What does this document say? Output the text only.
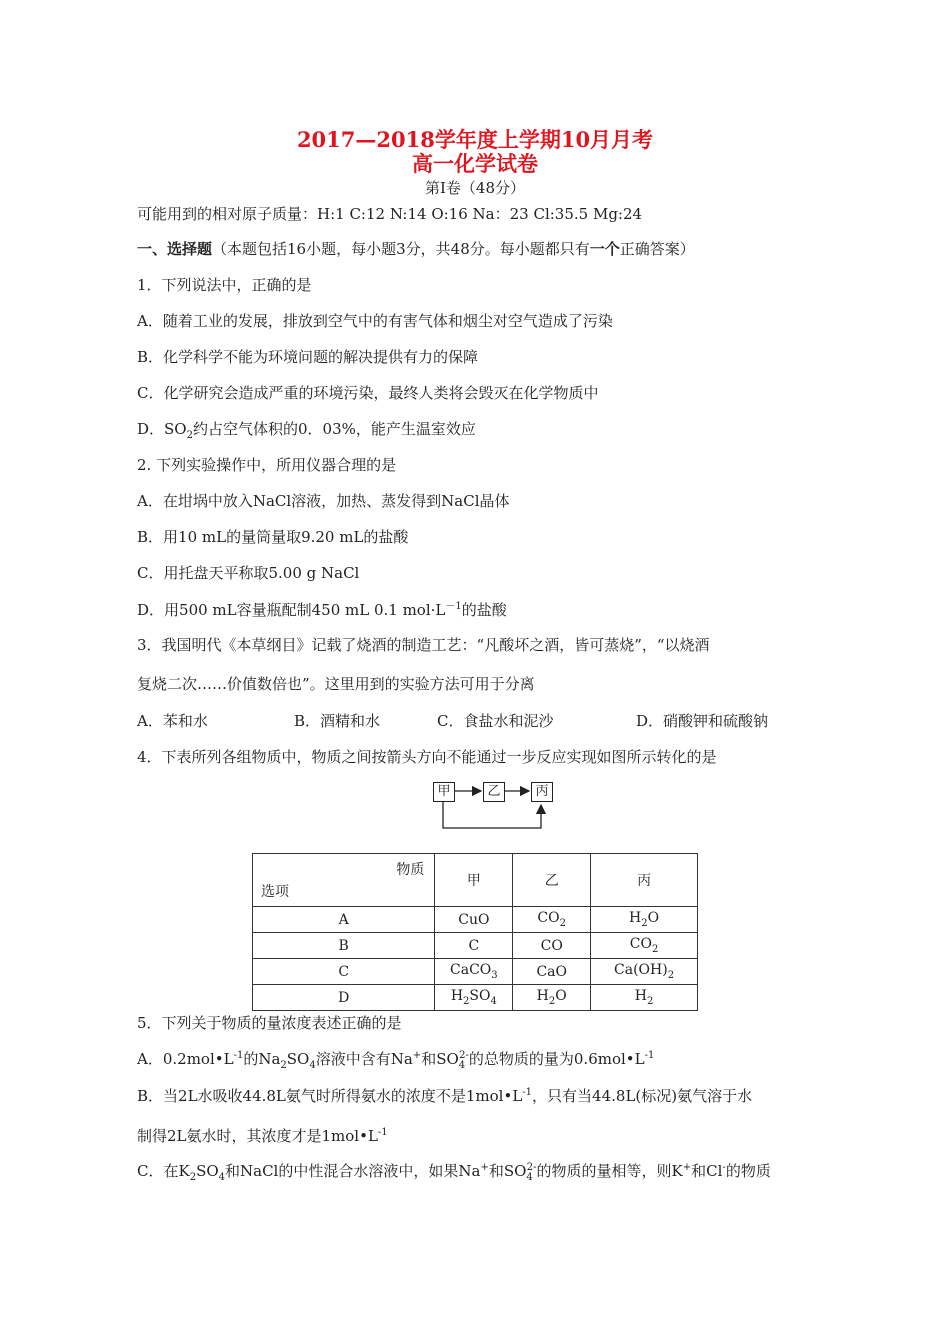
2017—2018学年度上学期10月月考
高一化学试卷
第Ⅰ卷（48分）
可能用到的相对原子质量：H:1 C:12 N:14 O:16 Na：23 Cl:35.5 Mg:24
一、选择题（本题包括16小题，每小题3分，共48分。每小题都只有一个正确答案）
1．下列说法中，正确的是
A．随着工业的发展，排放到空气中的有害气体和烟尘对空气造成了污染
B．化学科学不能为环境问题的解决提供有力的保障
C．化学研究会造成严重的环境污染，最终人类将会毁灭在化学物质中
D．$SO_2$约占空气体积的0．03%，能产生温室效应
2. 下列实验操作中，所用仪器合理的是
A．在坩埚中放入NaCl溶液，加热、蒸发得到NaCl晶体
B．用10 mL的量筒量取9.20 mL的盐酸
C．用托盘天平称取5.00 g NaCl
D．用500 mL容量瓶配制450 mL 0.1 $mol\cdot L^{-1}$的盐酸
3．我国明代《本草纲目》记载了烧酒的制造工艺：“凡酸坏之酒，皆可蒸烧”，“以烧酒
复烧二次……价值数倍也”。这里用到的实验方法可用于分离
A．苯和水	B．酒精和水	C．食盐水和泥沙	D．硝酸钾和硫酸钠
4．下表所列各组物质中，物质之间按箭头方向不能通过一步反应实现如图所示转化的是
甲	乙	丙
物质
选项	甲	乙	丙
A	CuO	$CO_2$	$H_2O$
B	C	CO	$CO_2$
C	CaCO$_3$	CaO	$Ca(OH)_2$
D	$H_2SO_4$	$H_2O$	$H_2$
5．下列关于物质的量浓度表述正确的是
A．$0.2mol•L^{-1}$的$Na_2SO_4$溶液中含有Na+和$SO_4^{2-}$的总物质的量为$0.6mol•L^{-1}$
B．当2L水吸收44.8L氨气时所得氨水的浓度不是$1mol•L^{-1}$，只有当44.8L(标况)氨气溶于水
制得2L氨水时，其浓度才是$1mol•L^{-1}$
C．在$K_2SO_4$和NaCl的中性混合水溶液中，如果Na+和$SO_4^{2-}$的物质的量相等，则K+和Cl-的物质
